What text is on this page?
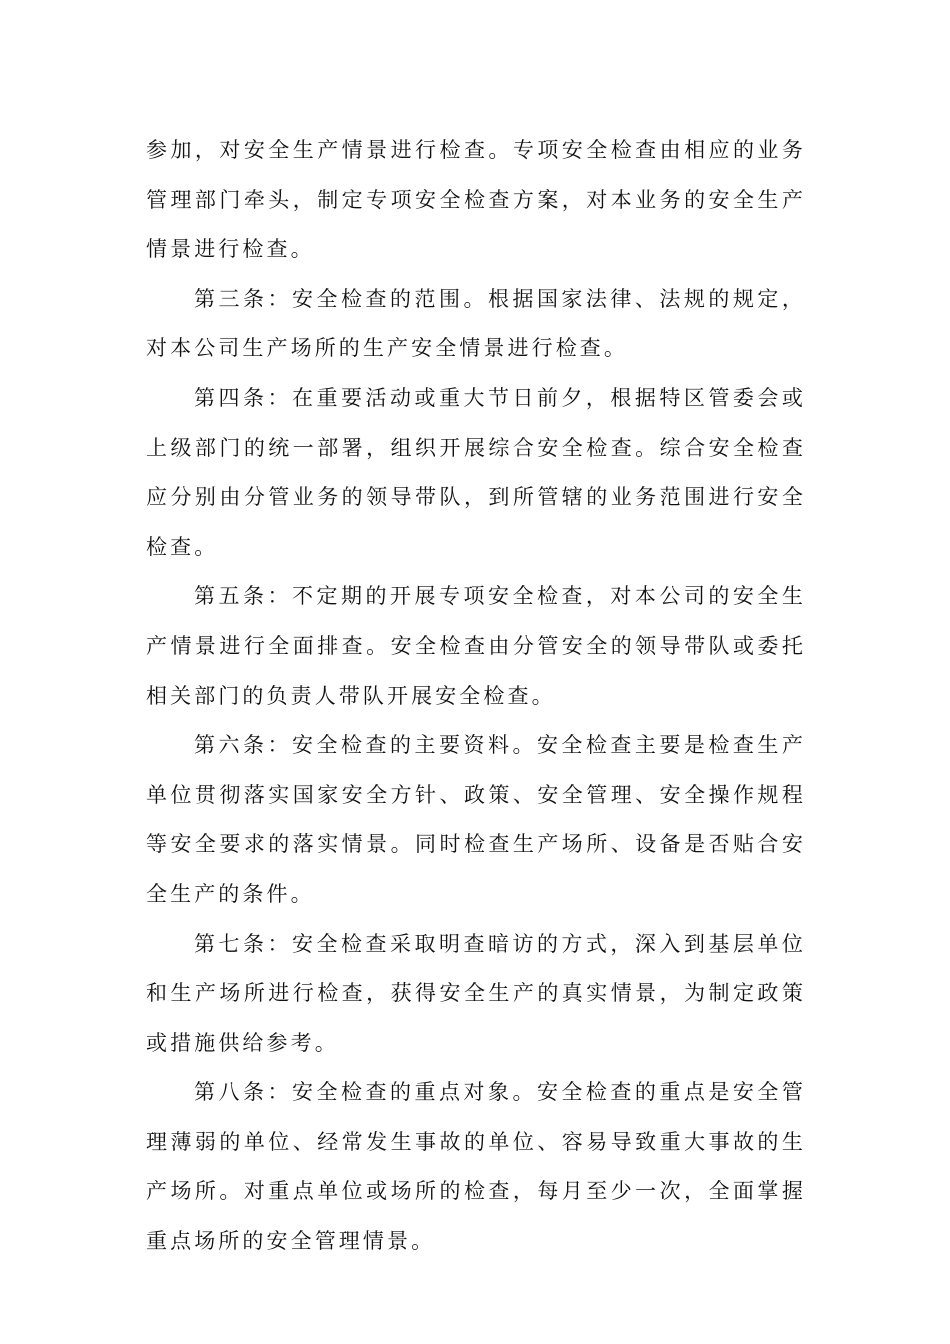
参加，对安全生产情景进行检查。专项安全检查由相应的业务管理部门牵头，制定专项安全检查方案，对本业务的安全生产情景进行检查。

第三条：安全检查的范围。根据国家法律、法规的规定，对本公司生产场所的生产安全情景进行检查。

第四条：在重要活动或重大节日前夕，根据特区管委会或上级部门的统一部署，组织开展综合安全检查。综合安全检查应分别由分管业务的领导带队，到所管辖的业务范围进行安全检查。

第五条：不定期的开展专项安全检查，对本公司的安全生产情景进行全面排查。安全检查由分管安全的领导带队或委托相关部门的负责人带队开展安全检查。

第六条：安全检查的主要资料。安全检查主要是检查生产单位贯彻落实国家安全方针、政策、安全管理、安全操作规程等安全要求的落实情景。同时检查生产场所、设备是否贴合安全生产的条件。

第七条：安全检查采取明查暗访的方式，深入到基层单位和生产场所进行检查，获得安全生产的真实情景，为制定政策或措施供给参考。

第八条：安全检查的重点对象。安全检查的重点是安全管理薄弱的单位、经常发生事故的单位、容易导致重大事故的生产场所。对重点单位或场所的检查，每月至少一次，全面掌握重点场所的安全管理情景。
